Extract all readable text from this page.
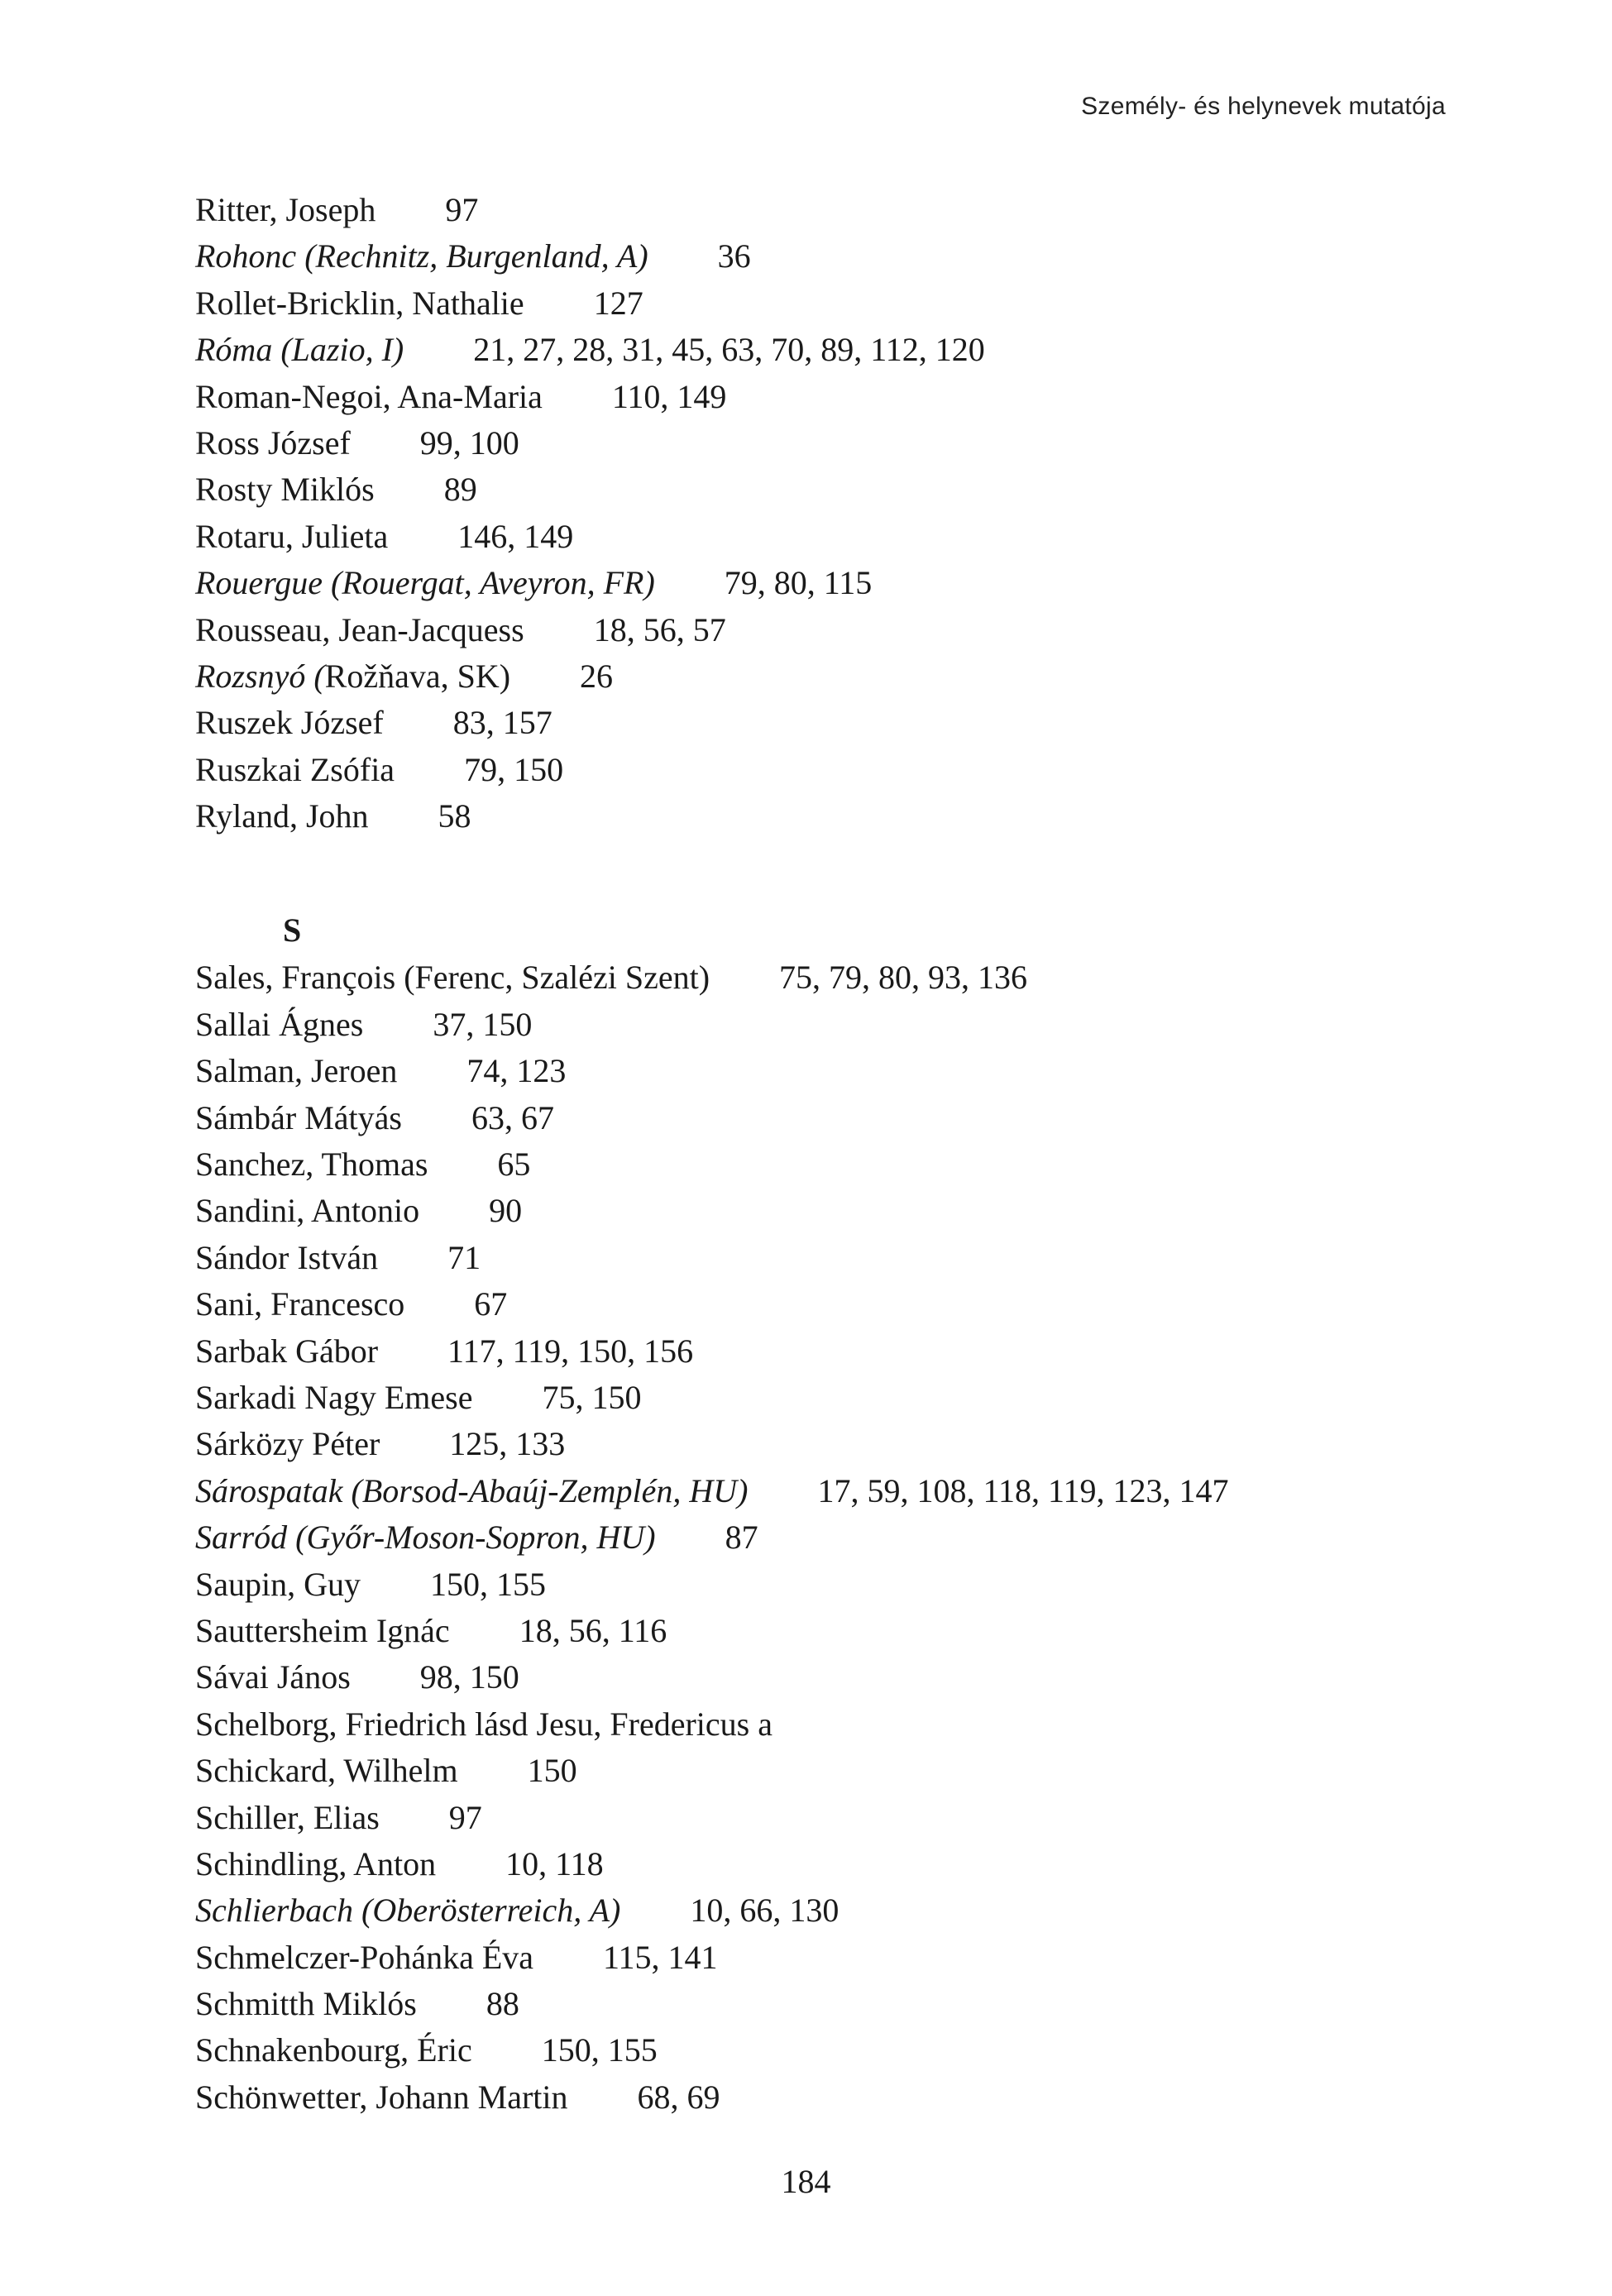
Személy- és helynevek mutatója
Ritter, Joseph 97
Rohonc (Rechnitz, Burgenland, A) 36
Rollet-Bricklin, Nathalie 127
Róma (Lazio, I) 21, 27, 28, 31, 45, 63, 70, 89, 112, 120
Roman-Negoi, Ana-Maria 110, 149
Ross József 99, 100
Rosty Miklós 89
Rotaru, Julieta 146, 149
Rouergue (Rouergat, Aveyron, FR) 79, 80, 115
Rousseau, Jean-Jacquess 18, 56, 57
Rozsnyó (Rožňava, SK) 26
Ruszek József 83, 157
Ruszkai Zsófia 79, 150
Ryland, John 58
S
Sales, François (Ferenc, Szalézi Szent) 75, 79, 80, 93, 136
Sallai Ágnes 37, 150
Salman, Jeroen 74, 123
Sámbár Mátyás 63, 67
Sanchez, Thomas 65
Sandini, Antonio 90
Sándor István 71
Sani, Francesco 67
Sarbak Gábor 117, 119, 150, 156
Sarkadi Nagy Emese 75, 150
Sárközy Péter 125, 133
Sárospatak (Borsod-Abaúj-Zemplén, HU) 17, 59, 108, 118, 119, 123, 147
Sarród (Győr-Moson-Sopron, HU) 87
Saupin, Guy 150, 155
Sauttersheim Ignác 18, 56, 116
Sávai János 98, 150
Schelborg, Friedrich lásd Jesu, Fredericus a
Schickard, Wilhelm 150
Schiller, Elias 97
Schindling, Anton 10, 118
Schlierbach (Oberösterreich, A) 10, 66, 130
Schmelczer-Pohánka Éva 115, 141
Schmitth Miklós 88
Schnakenbourg, Éric 150, 155
Schönwetter, Johann Martin 68, 69
184
